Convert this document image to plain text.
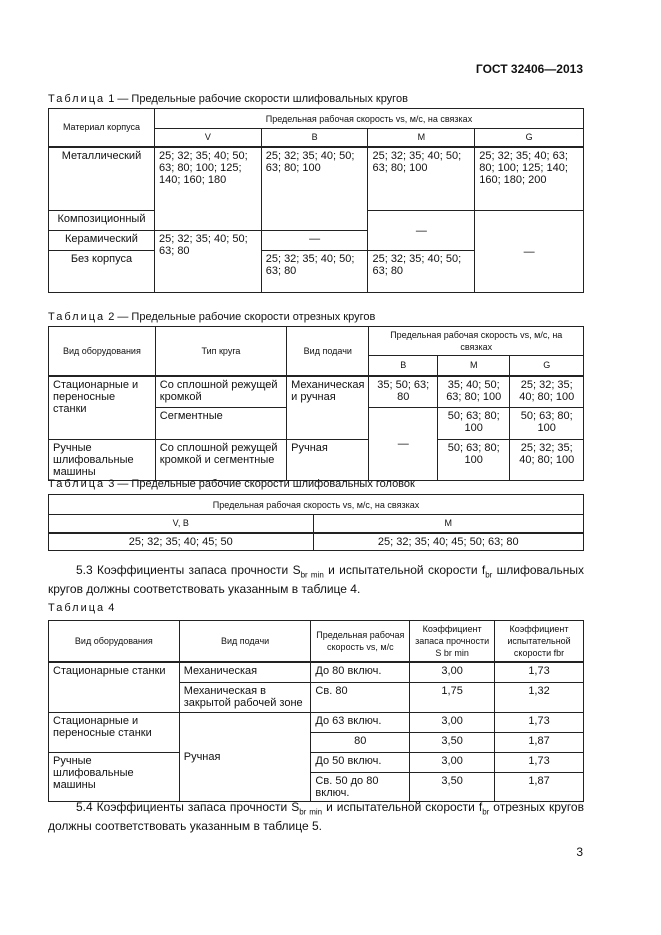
ГОСТ 32406—2013
Таблица 1 — Предельные рабочие скорости шлифовальных кругов
Материал корпуса	Предельная рабочая скорость vs, м/с, на связках			
	V	B	M	G
Металлический	25; 32; 35; 40; 50; 63; 80; 100; 125; 140; 160; 180	25; 32; 35; 40; 50; 63; 80; 100	25; 32; 35; 40; 50; 63; 80; 100	25; 32; 35; 40; 63; 80; 100; 125; 140; 160; 180; 200
Композиционный			—	—
Керамический	25; 32; 35; 40; 50; 63; 80	—		
Без корпуса		25; 32; 35; 40; 50; 63; 80	25; 32; 35; 40; 50; 63; 80	
Таблица 2 — Предельные рабочие скорости отрезных кругов
Вид оборудования	Тип круга	Вид подачи	Предельная рабочая скорость vs, м/с, на связках		
			B	M	G
Стационарные и переносные станки	Со сплошной режущей кромкой	Механическая и ручная	35; 50; 63; 80	35; 40; 50; 63; 80; 100	25; 32; 35; 40; 80; 100
	Сегментные		—	50; 63; 80; 100	50; 63; 80; 100
Ручные шлифовальные машины	Со сплошной режущей кромкой и сегментные	Ручная		50; 63; 80; 100	25; 32; 35; 40; 80; 100
Таблица 3 — Предельные рабочие скорости шлифовальных головок
Предельная рабочая скорость vs, м/с, на связках	
V, B	M
25; 32; 35; 40; 45; 50	25; 32; 35; 40; 45; 50; 63; 80
5.3 Коэффициенты запаса прочности $S_{br min}$ и испытательной скорости $f_{br}$ шлифовальных кругов должны соответствовать указанным в таблице 4.
Таблица 4
Вид оборудования	Вид подачи	Предельная рабочая скорость vs, м/с	Коэффициент запаса прочности S br min	Коэффициент испытательной скорости fbr
Стационарные станки	Механическая	До 80 включ.	3,00	1,73
	Механическая в закрытой рабочей зоне	Св. 80	1,75	1,32
Стационарные и переносные станки	Ручная	До 63 включ.	3,00	1,73
		80	3,50	1,87
Ручные шлифовальные машины		До 50 включ.	3,00	1,73
		Св. 50 до 80 включ.	3,50	1,87
5.4 Коэффициенты запаса прочности $S_{br min}$ и испытательной скорости $f_{br}$ отрезных кругов должны соответствовать указанным в таблице 5.
3
